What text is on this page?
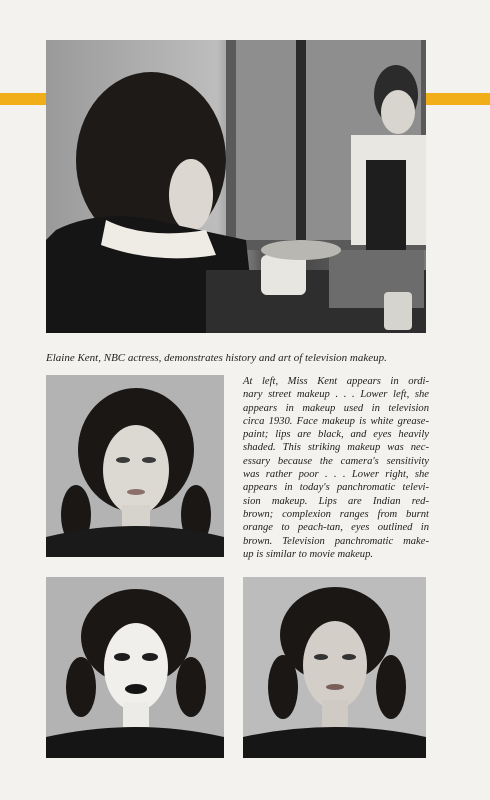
Elaine Kent, NBC actress, demonstrates history and art of television makeup.

At left, Miss Kent appears in ordi-
nary street makeup . . . Lower left, she
appears in makeup used in television
circa 1930. Face makeup is white grease-
paint; lips are black, and eyes heavily
shaded. This striking makeup was nec-
essary because the camera's sensitivity
was rather poor . . . Lower right, she
appears in today's panchromatic televi-
sion makeup. Lips are Indian red-
brown; complexion ranges from burnt
orange to peach-tan, eyes outlined in
brown. Television panchromatic make-
up is similar to movie makeup.
